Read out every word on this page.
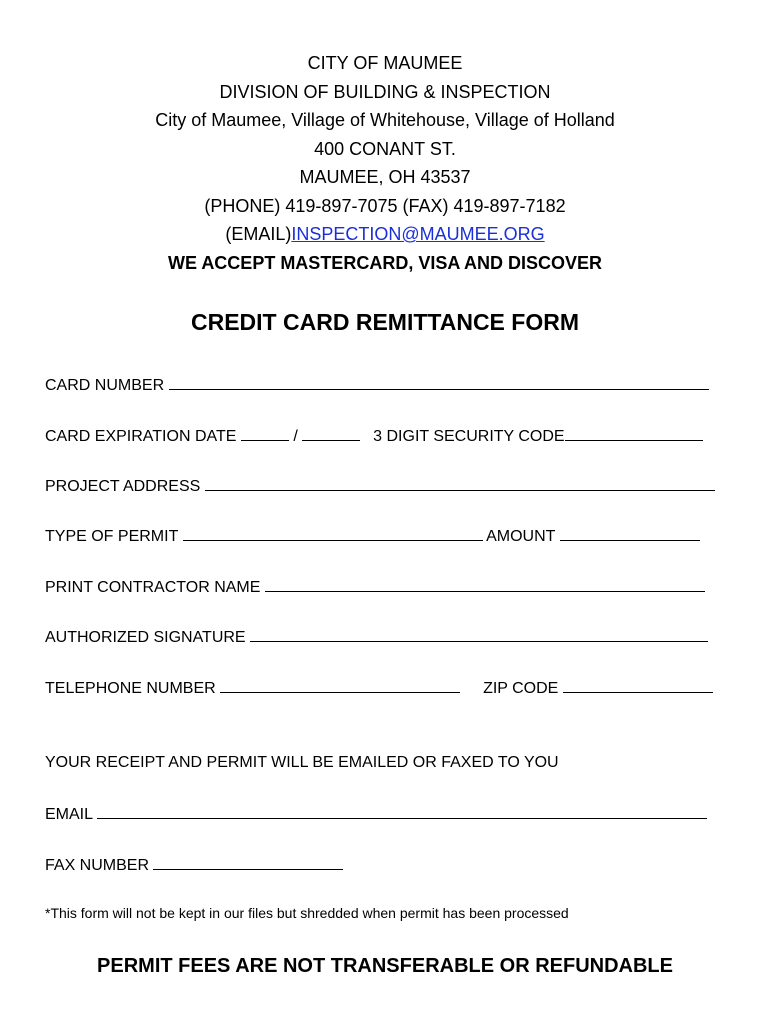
CITY OF MAUMEE
DIVISION OF BUILDING & INSPECTION
City of Maumee, Village of Whitehouse, Village of Holland
400 CONANT ST.
MAUMEE, OH 43537
(PHONE) 419-897-7075 (FAX) 419-897-7182
(EMAIL)INSPECTION@MAUMEE.ORG
WE ACCEPT MASTERCARD, VISA AND DISCOVER
CREDIT CARD REMITTANCE FORM
CARD NUMBER
CARD EXPIRATION DATE	/	3 DIGIT SECURITY CODE
PROJECT ADDRESS
TYPE OF PERMIT	AMOUNT
PRINT CONTRACTOR NAME
AUTHORIZED SIGNATURE
TELEPHONE NUMBER	ZIP CODE
YOUR RECEIPT AND PERMIT WILL BE EMAILED OR FAXED TO YOU
EMAIL
FAX NUMBER
*This form will not be kept in our files but shredded when permit has been processed
PERMIT FEES ARE NOT TRANSFERABLE OR REFUNDABLE
